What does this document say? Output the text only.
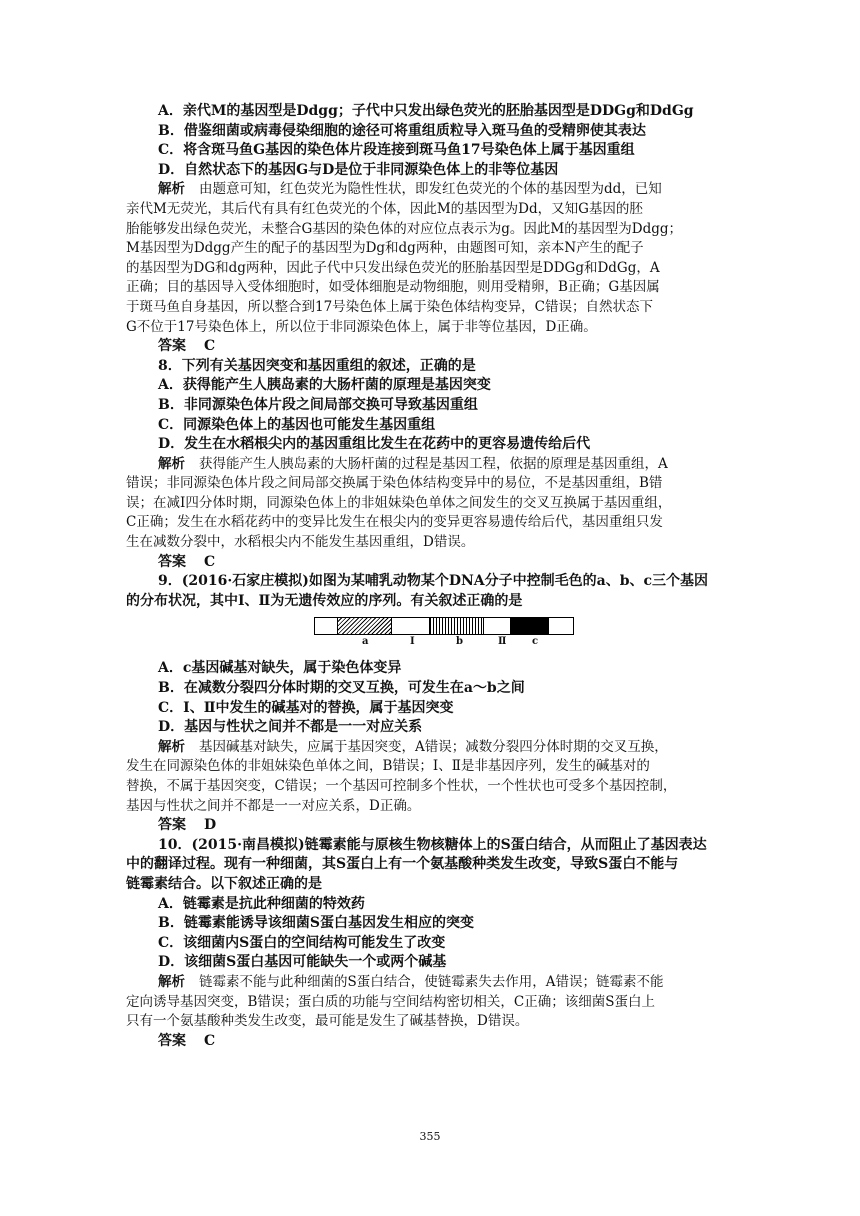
A．亲代M的基因型是Ddgg；子代中只发出绿色荧光的胚胎基因型是DDGg和DdGg
B．借鉴细菌或病毒侵染细胞的途径可将重组质粒导入斑马鱼的受精卵使其表达
C．将含斑马鱼G基因的染色体片段连接到斑马鱼17号染色体上属于基因重组
D．自然状态下的基因G与D是位于非同源染色体上的非等位基因
解析 由题意可知，红色荧光为隐性性状，即发红色荧光的个体的基因型为dd，已知
亲代M无荧光，其后代有具有红色荧光的个体，因此M的基因型为Dd，又知G基因的胚
胎能够发出绿色荧光，未整合G基因的染色体的对应位点表示为g。因此M的基因型为Ddgg；
M基因型为Ddgg产生的配子的基因型为Dg和dg两种，由题图可知，亲本N产生的配子
的基因型为DG和dg两种，因此子代中只发出绿色荧光的胚胎基因型是DDGg和DdGg，A
正确；目的基因导入受体细胞时，如受体细胞是动物细胞，则用受精卵，B正确；G基因属
于斑马鱼自身基因，所以整合到17号染色体上属于染色体结构变异，C错误；自然状态下
G不位于17号染色体上，所以位于非同源染色体上，属于非等位基因，D正确。
答案 C
8．下列有关基因突变和基因重组的叙述，正确的是
A．获得能产生人胰岛素的大肠杆菌的原理是基因突变
B．非同源染色体片段之间局部交换可导致基因重组
C．同源染色体上的基因也可能发生基因重组
D．发生在水稻根尖内的基因重组比发生在花药中的更容易遗传给后代
解析 获得能产生人胰岛素的大肠杆菌的过程是基因工程，依据的原理是基因重组，A
错误；非同源染色体片段之间局部交换属于染色体结构变异中的易位，不是基因重组，B错
误；在减Ⅰ四分体时期，同源染色体上的非姐妹染色单体之间发生的交叉互换属于基因重组，
C正确；发生在水稻花药中的变异比发生在根尖内的变异更容易遗传给后代，基因重组只发
生在减数分裂中，水稻根尖内不能发生基因重组，D错误。
答案 C
9．(2016·石家庄模拟)如图为某哺乳动物某个DNA分子中控制毛色的a、b、c三个基因
的分布状况，其中Ⅰ、Ⅱ为无遗传效应的序列。有关叙述正确的是
a	Ⅰ	b	Ⅱ	c
A．c基因碱基对缺失，属于染色体变异
B．在减数分裂四分体时期的交叉互换，可发生在a～b之间
C．Ⅰ、Ⅱ中发生的碱基对的替换，属于基因突变
D．基因与性状之间并不都是一一对应关系
解析 基因碱基对缺失，应属于基因突变，A错误；减数分裂四分体时期的交叉互换，
发生在同源染色体的非姐妹染色单体之间，B错误；Ⅰ、Ⅱ是非基因序列，发生的碱基对的
替换，不属于基因突变，C错误；一个基因可控制多个性状，一个性状也可受多个基因控制，
基因与性状之间并不都是一一对应关系，D正确。
答案 D
10．(2015·南昌模拟)链霉素能与原核生物核糖体上的S蛋白结合，从而阻止了基因表达
中的翻译过程。现有一种细菌，其S蛋白上有一个氨基酸种类发生改变，导致S蛋白不能与
链霉素结合。以下叙述正确的是
A．链霉素是抗此种细菌的特效药
B．链霉素能诱导该细菌S蛋白基因发生相应的突变
C．该细菌内S蛋白的空间结构可能发生了改变
D．该细菌S蛋白基因可能缺失一个或两个碱基
解析 链霉素不能与此种细菌的S蛋白结合，使链霉素失去作用，A错误；链霉素不能
定向诱导基因突变，B错误；蛋白质的功能与空间结构密切相关，C正确；该细菌S蛋白上
只有一个氨基酸种类发生改变，最可能是发生了碱基替换，D错误。
答案 C
355
